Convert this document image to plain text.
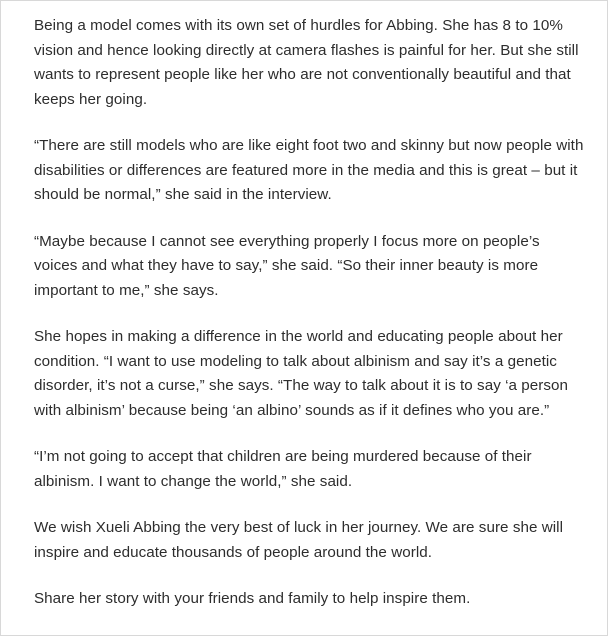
Being a model comes with its own set of hurdles for Abbing. She has 8 to 10% vision and hence looking directly at camera flashes is painful for her. But she still wants to represent people like her who are not conventionally beautiful and that keeps her going.

“There are still models who are like eight foot two and skinny but now people with disabilities or differences are featured more in the media and this is great – but it should be normal,” she said in the interview.

“Maybe because I cannot see everything properly I focus more on people’s voices and what they have to say,” she said. “So their inner beauty is more important to me,” she says.

She hopes in making a difference in the world and educating people about her condition. “I want to use modeling to talk about albinism and say it’s a genetic disorder, it’s not a curse,” she says. “The way to talk about it is to say ‘a person with albinism’ because being ‘an albino’ sounds as if it defines who you are.”

“I’m not going to accept that children are being murdered because of their albinism. I want to change the world,” she said.

We wish Xueli Abbing the very best of luck in her journey. We are sure she will inspire and educate thousands of people around the world.

Share her story with your friends and family to help inspire them.
